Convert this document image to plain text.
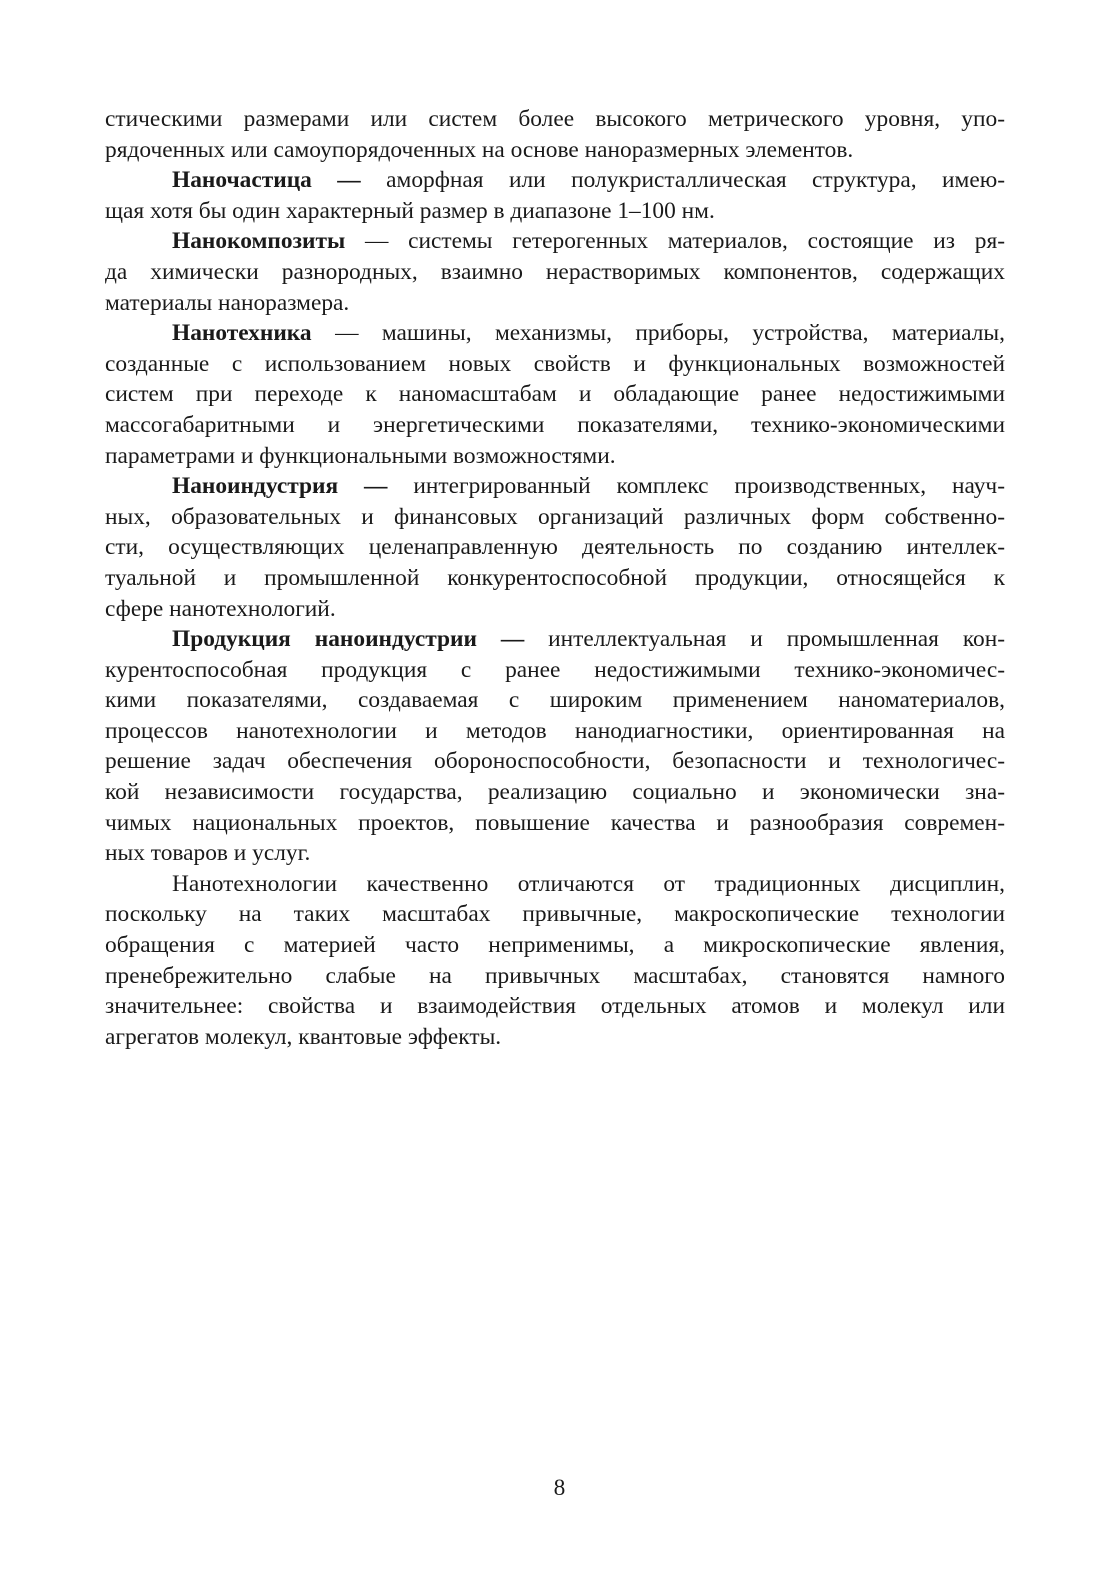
стическими размерами или систем более высокого метрического уровня, упо-
рядоченных или самоупорядоченных на основе наноразмерных элементов.
Наночастица — аморфная или полукристаллическая структура, имею-
щая хотя бы один характерный размер в диапазоне 1–100 нм.
Нанокомпозиты — системы гетерогенных материалов, состоящие из ря-
да химически разнородных, взаимно нерастворимых компонентов, содержащих
материалы наноразмера.
Нанотехника — машины, механизмы, приборы, устройства, материалы,
созданные с использованием новых свойств и функциональных возможностей
систем при переходе к наномасштабам и обладающие ранее недостижимыми
массогабаритными и энергетическими показателями, технико-экономическими
параметрами и функциональными возможностями.
Наноиндустрия — интегрированный комплекс производственных, науч-
ных, образовательных и финансовых организаций различных форм собственно-
сти, осуществляющих целенаправленную деятельность по созданию интеллек-
туальной и промышленной конкурентоспособной продукции, относящейся к
сфере нанотехнологий.
Продукция наноиндустрии — интеллектуальная и промышленная кон-
курентоспособная продукция с ранее недостижимыми технико-экономичес-
кими показателями, создаваемая с широким применением наноматериалов,
процессов нанотехнологии и методов нанодиагностики, ориентированная на
решение задач обеспечения обороноспособности, безопасности и технологичес-
кой независимости государства, реализацию социально и экономически зна-
чимых национальных проектов, повышение качества и разнообразия современ-
ных товаров и услуг.
Нанотехнологии качественно отличаются от традиционных дисциплин,
поскольку на таких масштабах привычные, макроскопические технологии
обращения с материей часто неприменимы, а микроскопические явления,
пренебрежительно слабые на привычных масштабах, становятся намного
значительнее: свойства и взаимодействия отдельных атомов и молекул или
агрегатов молекул, квантовые эффекты.
8
